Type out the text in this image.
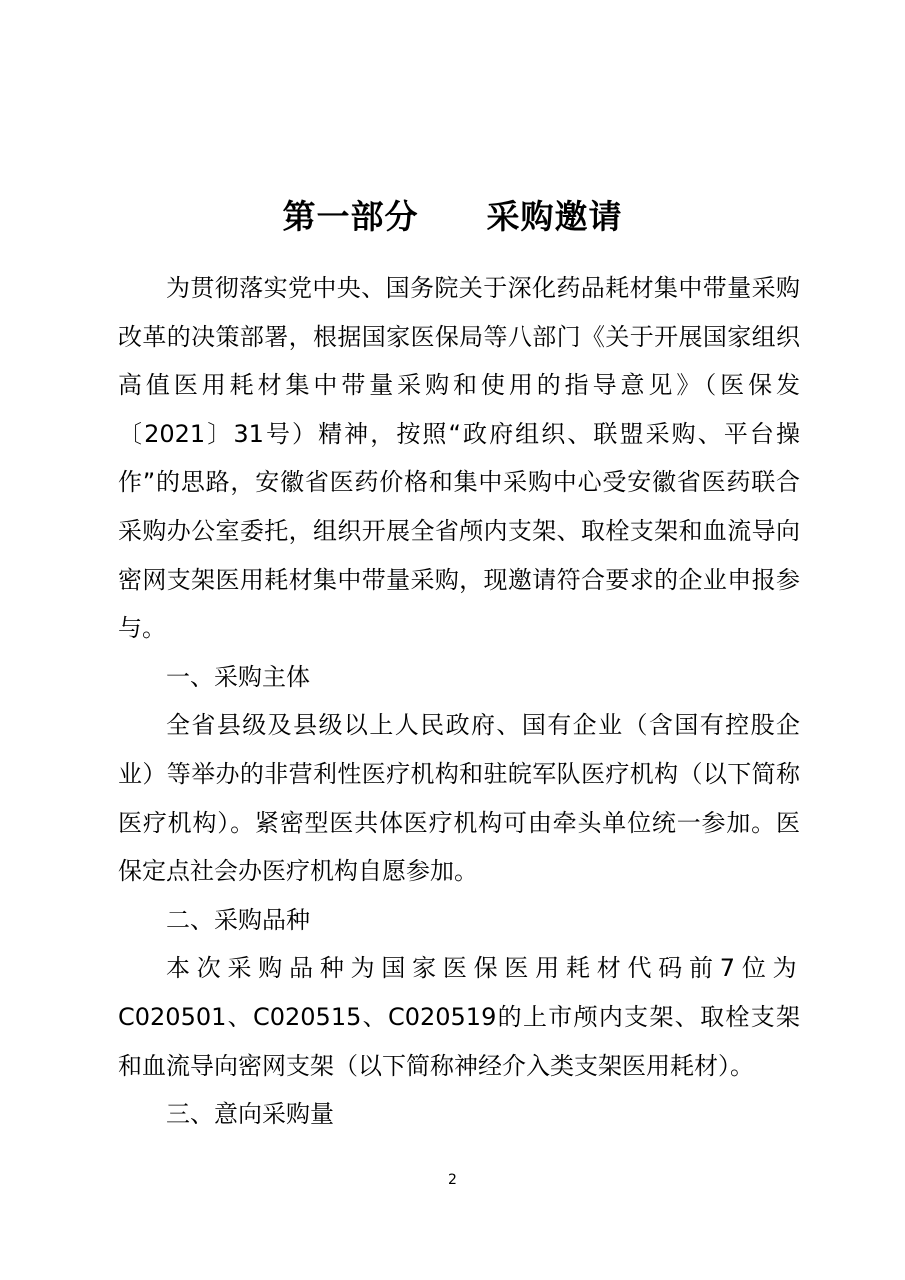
第一部分　　采购邀请

为贯彻落实党中央、国务院关于深化药品耗材集中带量采购改革的决策部署，根据国家医保局等八部门《关于开展国家组织高值医用耗材集中带量采购和使用的指导意见》（医保发〔2021〕31号）精神，按照“政府组织、联盟采购、平台操作”的思路，安徽省医药价格和集中采购中心受安徽省医药联合采购办公室委托，组织开展全省颅内支架、取栓支架和血流导向密网支架医用耗材集中带量采购，现邀请符合要求的企业申报参与。

一、采购主体

全省县级及县级以上人民政府、国有企业（含国有控股企业）等举办的非营利性医疗机构和驻皖军队医疗机构（以下简称医疗机构）。紧密型医共体医疗机构可由牵头单位统一参加。医保定点社会办医疗机构自愿参加。

二、采购品种

本次采购品种为国家医保医用耗材代码前7位为C020501、C020515、C020519的上市颅内支架、取栓支架和血流导向密网支架（以下简称神经介入类支架医用耗材）。

三、意向采购量

2
